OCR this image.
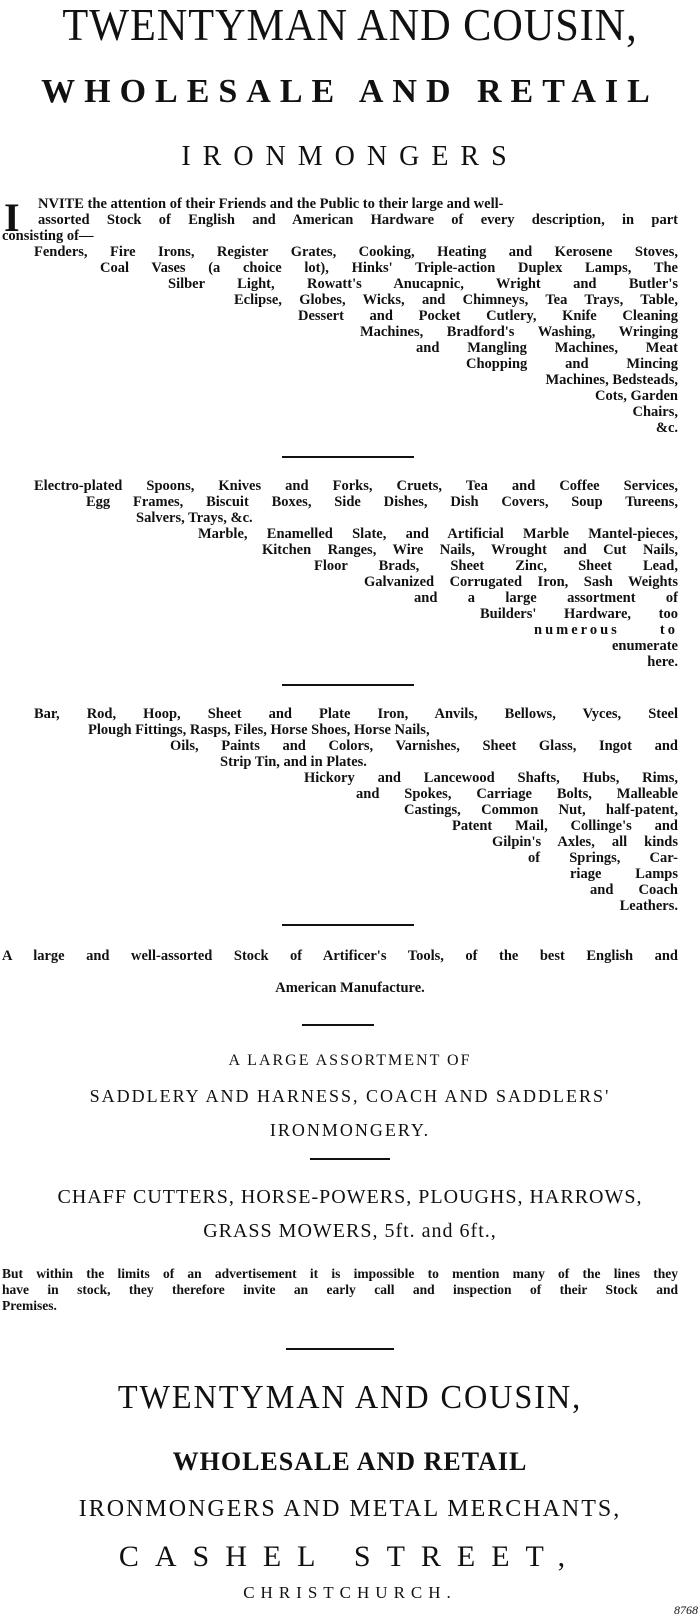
TWENTYMAN AND COUSIN,
WHOLESALE AND RETAIL
IRONMONGERS
I NVITE the attention of their Friends and the Public to their large and well-
assorted Stock of English and American Hardware of every description, in part
consisting of—
Fenders, Fire Irons, Register Grates, Cooking, Heating and Kerosene Stoves,
Coal Vases (a choice lot), Hinks' Triple-action Duplex Lamps, The
Silber Light, Rowatt's Anucapnic, Wright and Butler's
Eclipse, Globes, Wicks, and Chimneys, Tea Trays, Table,
Dessert and Pocket Cutlery, Knife Cleaning
Machines, Bradford's Washing, Wringing
and Mangling Machines, Meat
Chopping and Mincing
Machines, Bedsteads,
Cots, Garden
Chairs,
&c.
Electro-plated Spoons, Knives and Forks, Cruets, Tea and Coffee Services,
Egg Frames, Biscuit Boxes, Side Dishes, Dish Covers, Soup Tureens,
Salvers, Trays, &c.
Marble, Enamelled Slate, and Artificial Marble Mantel-pieces,
Kitchen Ranges, Wire Nails, Wrought and Cut Nails,
Floor Brads, Sheet Zinc, Sheet Lead,
Galvanized Corrugated Iron, Sash Weights
and a large assortment of
Builders' Hardware, too
numerous to
enumerate
here.
Bar, Rod, Hoop, Sheet and Plate Iron, Anvils, Bellows, Vyces, Steel
Plough Fittings, Rasps, Files, Horse Shoes, Horse Nails,
Oils, Paints and Colors, Varnishes, Sheet Glass, Ingot and
Strip Tin, and in Plates.
Hickory and Lancewood Shafts, Hubs, Rims,
and Spokes, Carriage Bolts, Malleable
Castings, Common Nut, half-patent,
Patent Mail, Collinge's and
Gilpin's Axles, all kinds
of Springs, Car-
riage Lamps
and Coach
Leathers.
A large and well-assorted Stock of Artificer's Tools, of the best English and
American Manufacture.
A LARGE ASSORTMENT OF
SADDLERY AND HARNESS, COACH AND SADDLERS'
IRONMONGERY.
CHAFF CUTTERS, HORSE-POWERS, PLOUGHS, HARROWS,
GRASS MOWERS, 5ft. and 6ft.,
But within the limits of an advertisement it is impossible to mention many of the lines they
have in stock, they therefore invite an early call and inspection of their Stock and
Premises.
TWENTYMAN AND COUSIN,
WHOLESALE AND RETAIL
IRONMONGERS AND METAL MERCHANTS,
CASHEL STREET,
CHRISTCHURCH.
8768
